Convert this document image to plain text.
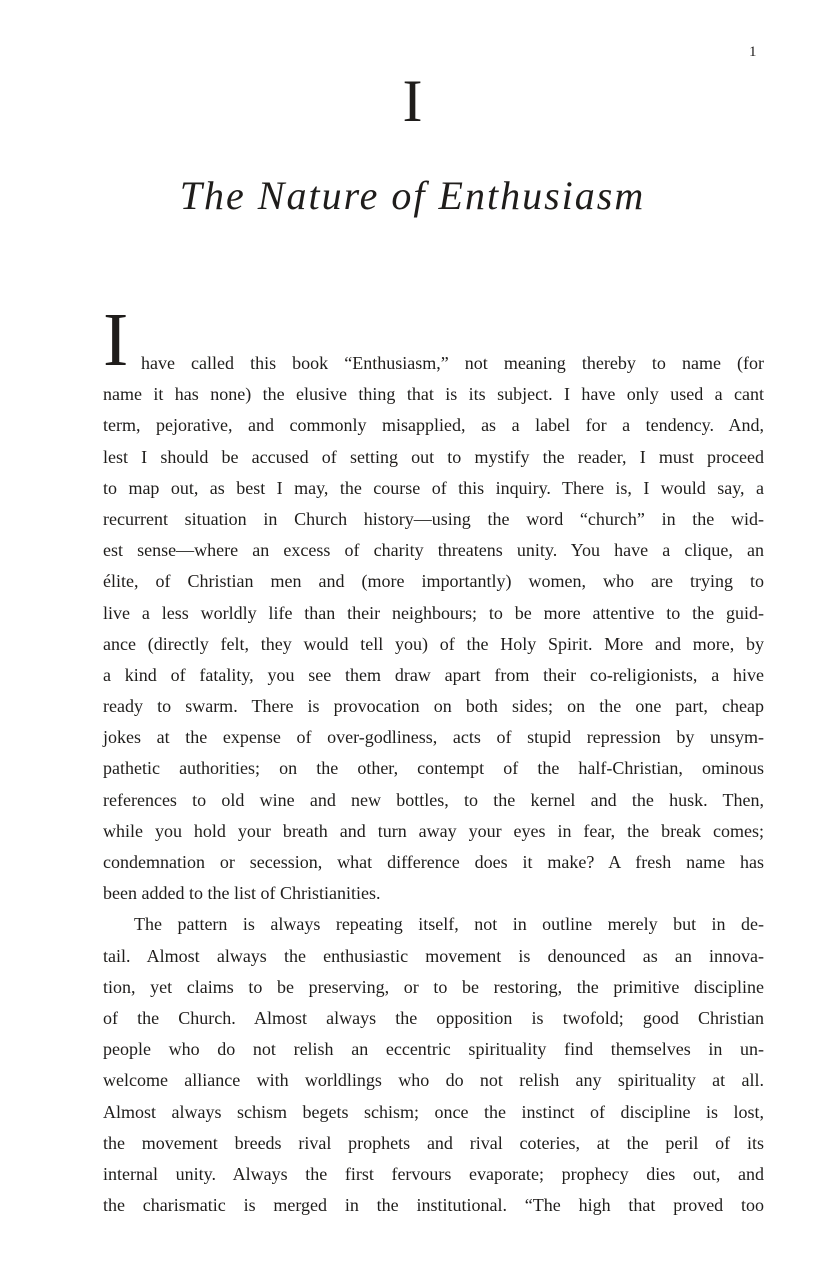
1
I
The Nature of Enthusiasm
I have called this book “Enthusiasm,” not meaning thereby to name (for
name it has none) the elusive thing that is its subject. I have only used a cant
term, pejorative, and commonly misapplied, as a label for a tendency. And,
lest I should be accused of setting out to mystify the reader, I must proceed
to map out, as best I may, the course of this inquiry. There is, I would say, a
recurrent situation in Church history—using the word “church” in the wid-
est sense—where an excess of charity threatens unity. You have a clique, an
élite, of Christian men and (more importantly) women, who are trying to
live a less worldly life than their neighbours; to be more attentive to the guid-
ance (directly felt, they would tell you) of the Holy Spirit. More and more, by
a kind of fatality, you see them draw apart from their co-religionists, a hive
ready to swarm. There is provocation on both sides; on the one part, cheap
jokes at the expense of over-godliness, acts of stupid repression by unsym-
pathetic authorities; on the other, contempt of the half-Christian, ominous
references to old wine and new bottles, to the kernel and the husk. Then,
while you hold your breath and turn away your eyes in fear, the break comes;
condemnation or secession, what difference does it make? A fresh name has
been added to the list of Christianities.
The pattern is always repeating itself, not in outline merely but in de-
tail. Almost always the enthusiastic movement is denounced as an innova-
tion, yet claims to be preserving, or to be restoring, the primitive discipline
of the Church. Almost always the opposition is twofold; good Christian
people who do not relish an eccentric spirituality find themselves in un-
welcome alliance with worldlings who do not relish any spirituality at all.
Almost always schism begets schism; once the instinct of discipline is lost,
the movement breeds rival prophets and rival coteries, at the peril of its
internal unity. Always the first fervours evaporate; prophecy dies out, and
the charismatic is merged in the institutional. “The high that proved too
